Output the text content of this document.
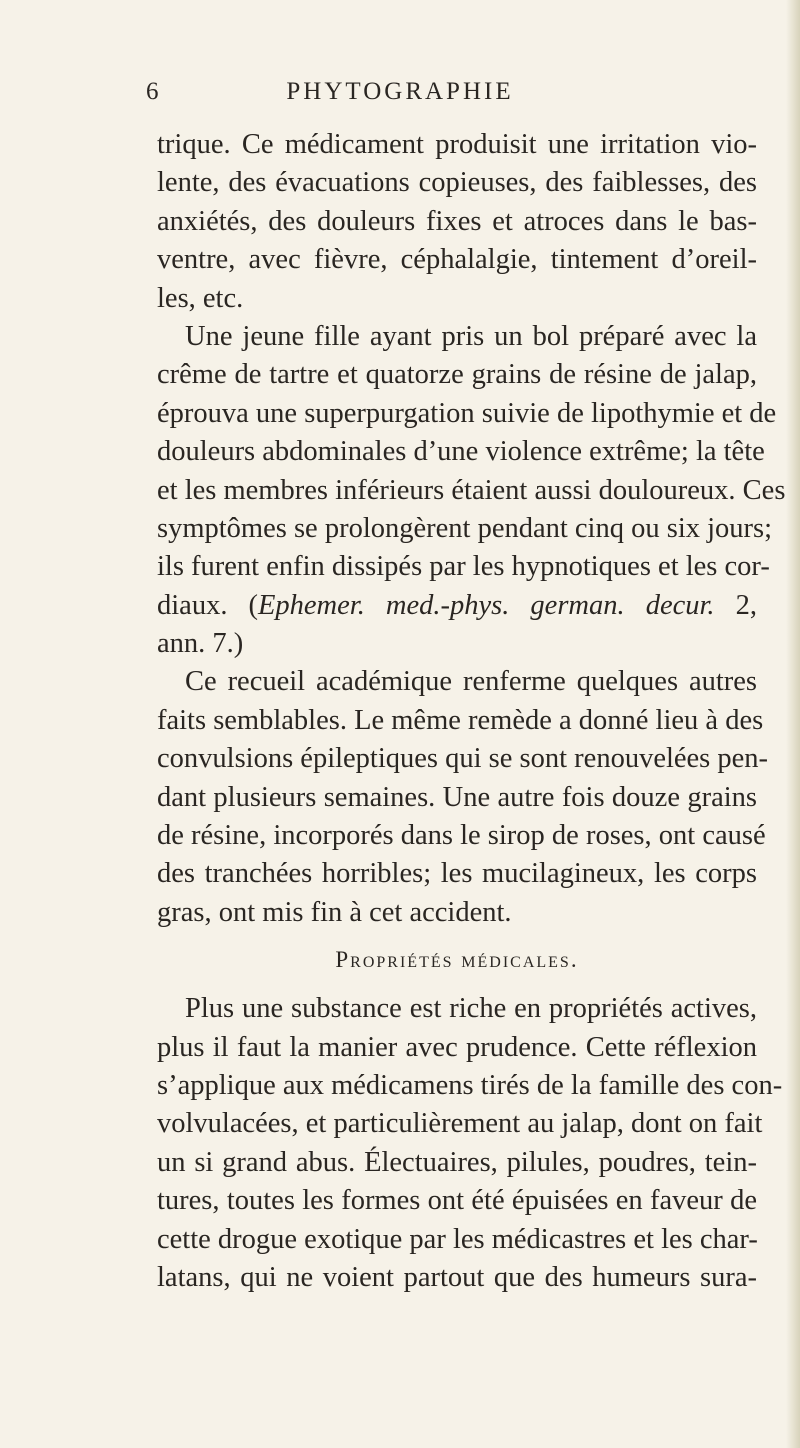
6	PHYTOGRAPHIE
trique. Ce médicament produisit une irritation vio-
lente, des évacuations copieuses, des faiblesses, des
anxiétés, des douleurs fixes et atroces dans le bas-
ventre, avec fièvre, céphalalgie, tintement d’oreil-
les, etc.
Une jeune fille ayant pris un bol préparé avec la
crême de tartre et quatorze grains de résine de jalap,
éprouva une superpurgation suivie de lipothymie et de
douleurs abdominales d’une violence extrême; la tête
et les membres inférieurs étaient aussi douloureux. Ces
symptômes se prolongèrent pendant cinq ou six jours;
ils furent enfin dissipés par les hypnotiques et les cor-
diaux. (Ephemer. med.-phys. german. decur. 2,
ann. 7.)
Ce recueil académique renferme quelques autres
faits semblables. Le même remède a donné lieu à des
convulsions épileptiques qui se sont renouvelées pen-
dant plusieurs semaines. Une autre fois douze grains
de résine, incorporés dans le sirop de roses, ont causé
des tranchées horribles; les mucilagineux, les corps
gras, ont mis fin à cet accident.
Propriétés médicales.
Plus une substance est riche en propriétés actives,
plus il faut la manier avec prudence. Cette réflexion
s’applique aux médicamens tirés de la famille des con-
volvulacées, et particulièrement au jalap, dont on fait
un si grand abus. Électuaires, pilules, poudres, tein-
tures, toutes les formes ont été épuisées en faveur de
cette drogue exotique par les médicastres et les char-
latans, qui ne voient partout que des humeurs sura-
